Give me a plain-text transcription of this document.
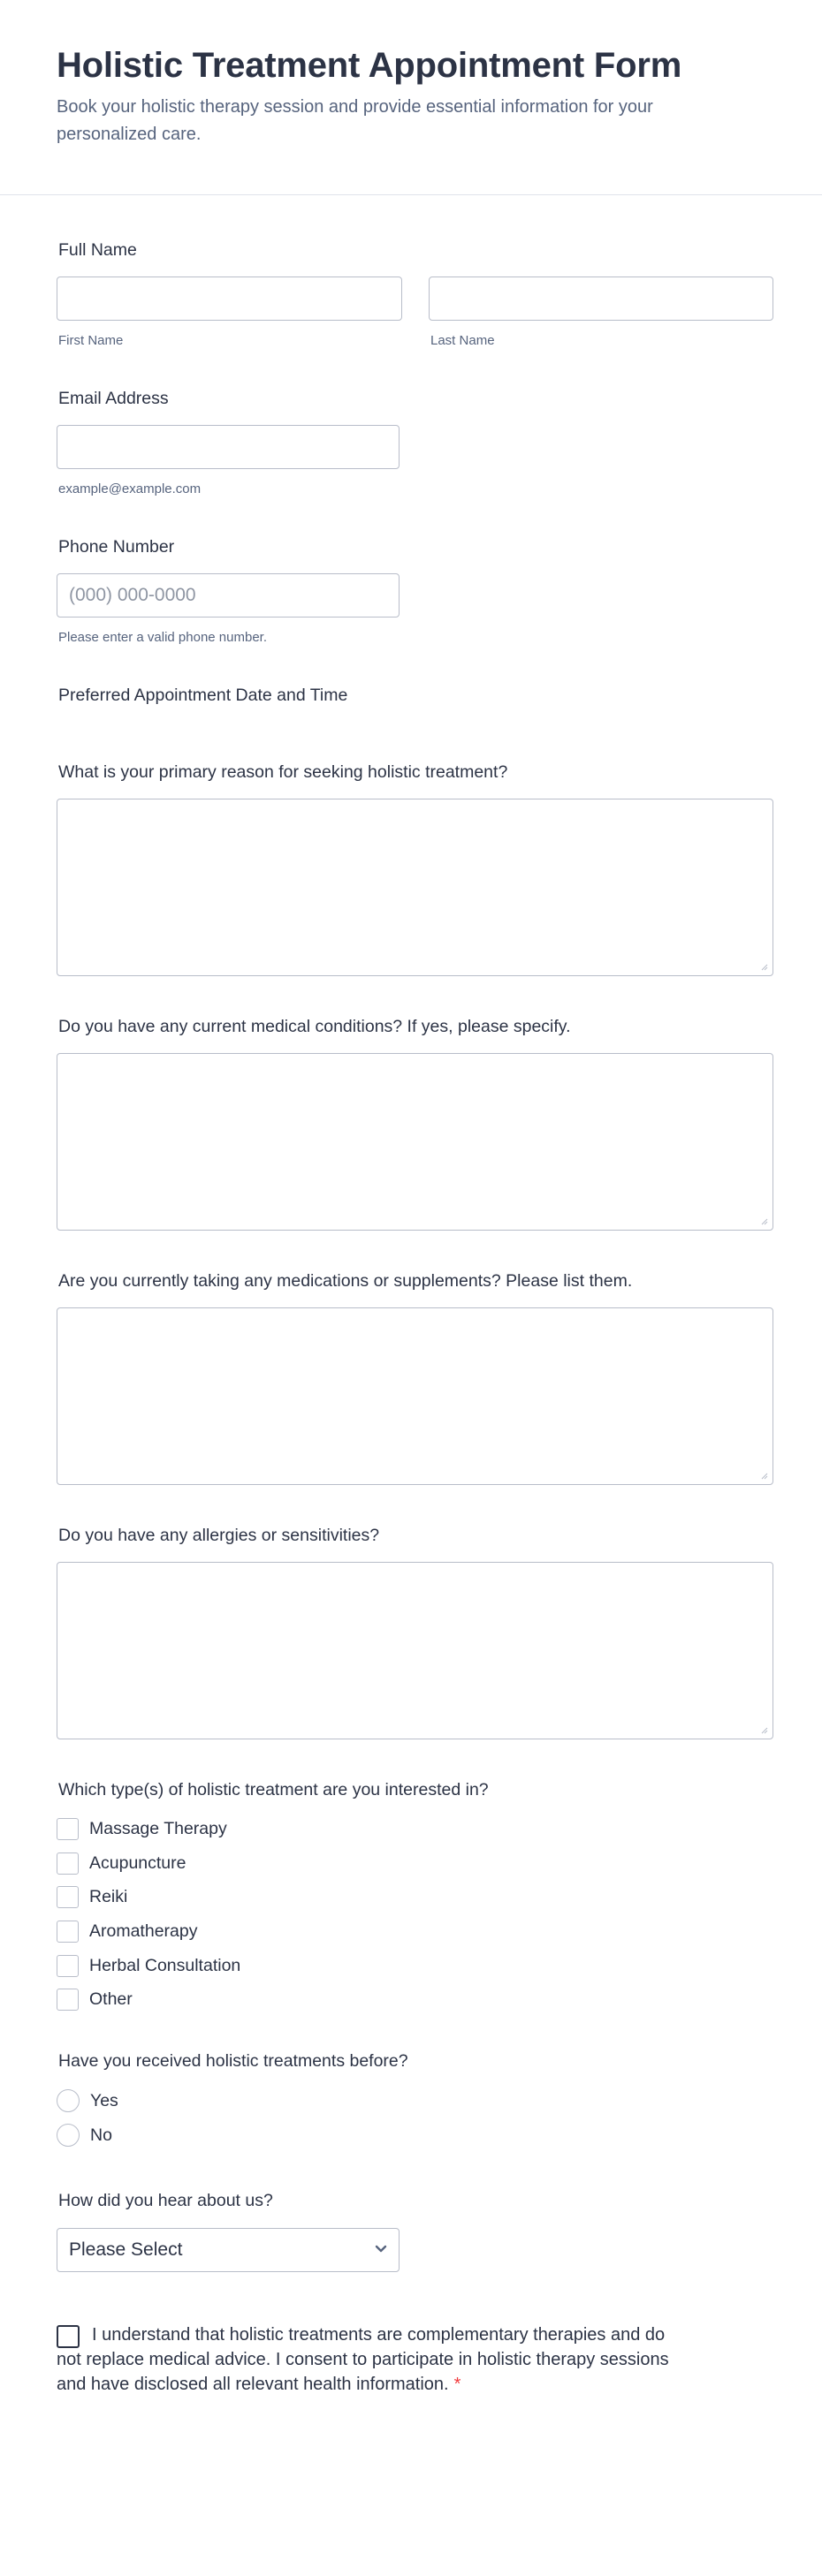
Holistic Treatment Appointment Form

Book your holistic therapy session and provide essential information for your personalized care.

Full Name
First Name	Last Name
Email Address
example@example.com
Phone Number
(000) 000-0000
Please enter a valid phone number.
Preferred Appointment Date and Time
What is your primary reason for seeking holistic treatment?
Do you have any current medical conditions? If yes, please specify.
Are you currently taking any medications or supplements? Please list them.
Do you have any allergies or sensitivities?
Which type(s) of holistic treatment are you interested in?
Massage Therapy
Acupuncture
Reiki
Aromatherapy
Herbal Consultation
Other
Have you received holistic treatments before?
Yes
No
How did you hear about us?
Please Select

I understand that holistic treatments are complementary therapies and do not replace medical advice. I consent to participate in holistic therapy sessions and have disclosed all relevant health information. *
